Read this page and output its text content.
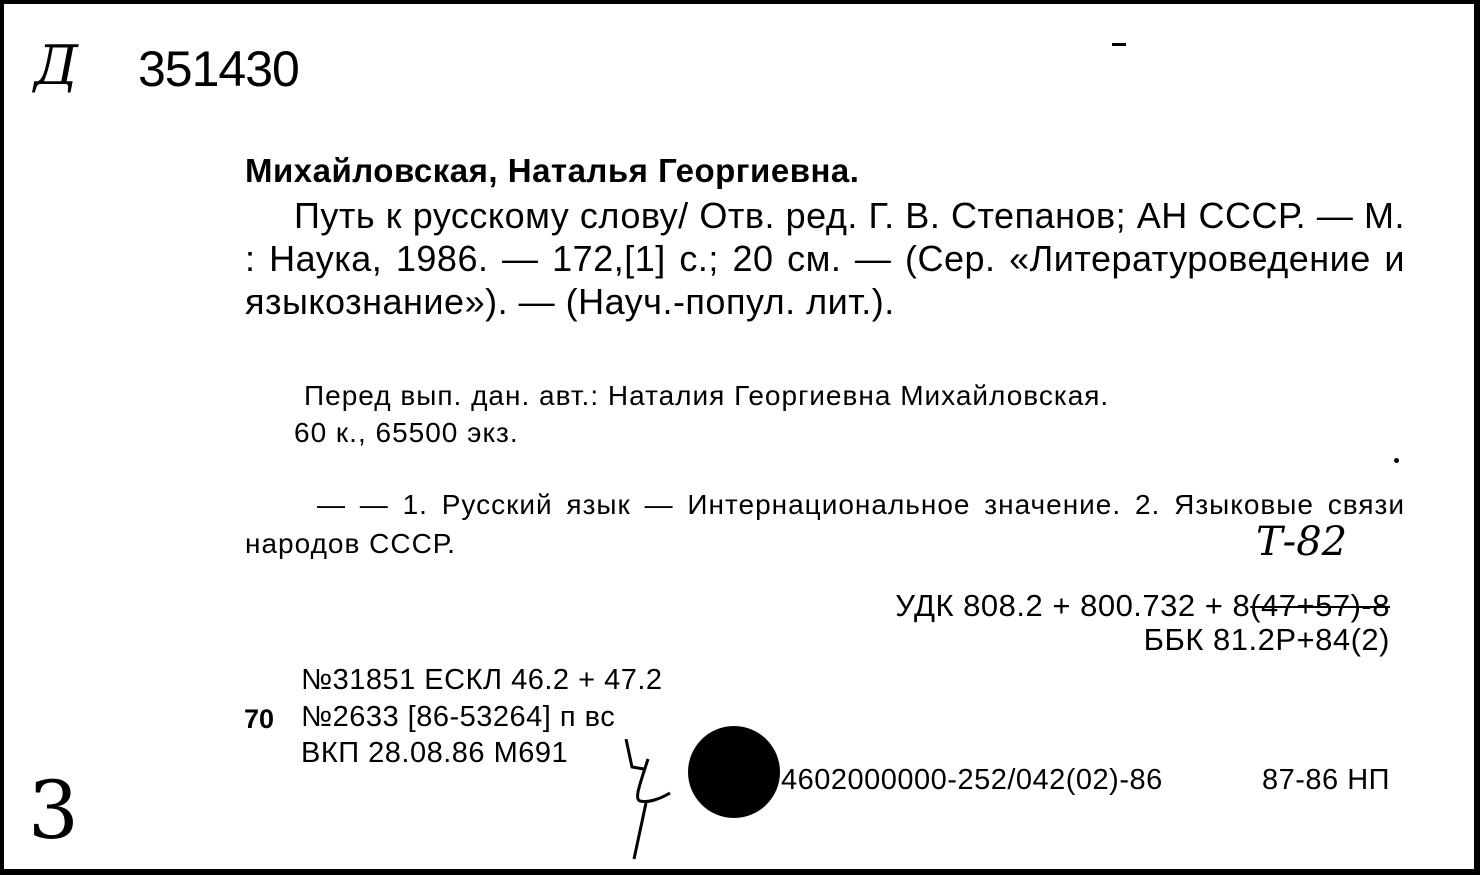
Д 351430
Михайловская, Наталья Георгиевна.
Путь к русскому слову/ Отв. ред. Г. В. Степанов; АН СССР. — М. : Наука, 1986. — 172,[1] с.; 20 см. — (Сер. «Литературоведение и языкознание»). — (Науч.-попул. лит.).
Перед вып. дан. авт.: Наталия Георгиевна Михайловская.
60 к., 65500 экз.
— — 1. Русский язык — Интернациональное значение. 2. Языковые связи народов СССР.	Т-82
УДК 808.2 + 800.732 + 8(47+57)-8
ББК 81.2Р+84(2)
№31851 ЕСКЛ 46.2 + 47.2
70 №2633 [86-53264] п вс
ВКП 28.08.86 М691
4602000000-252/042(02)-86	87-86 НП
3
